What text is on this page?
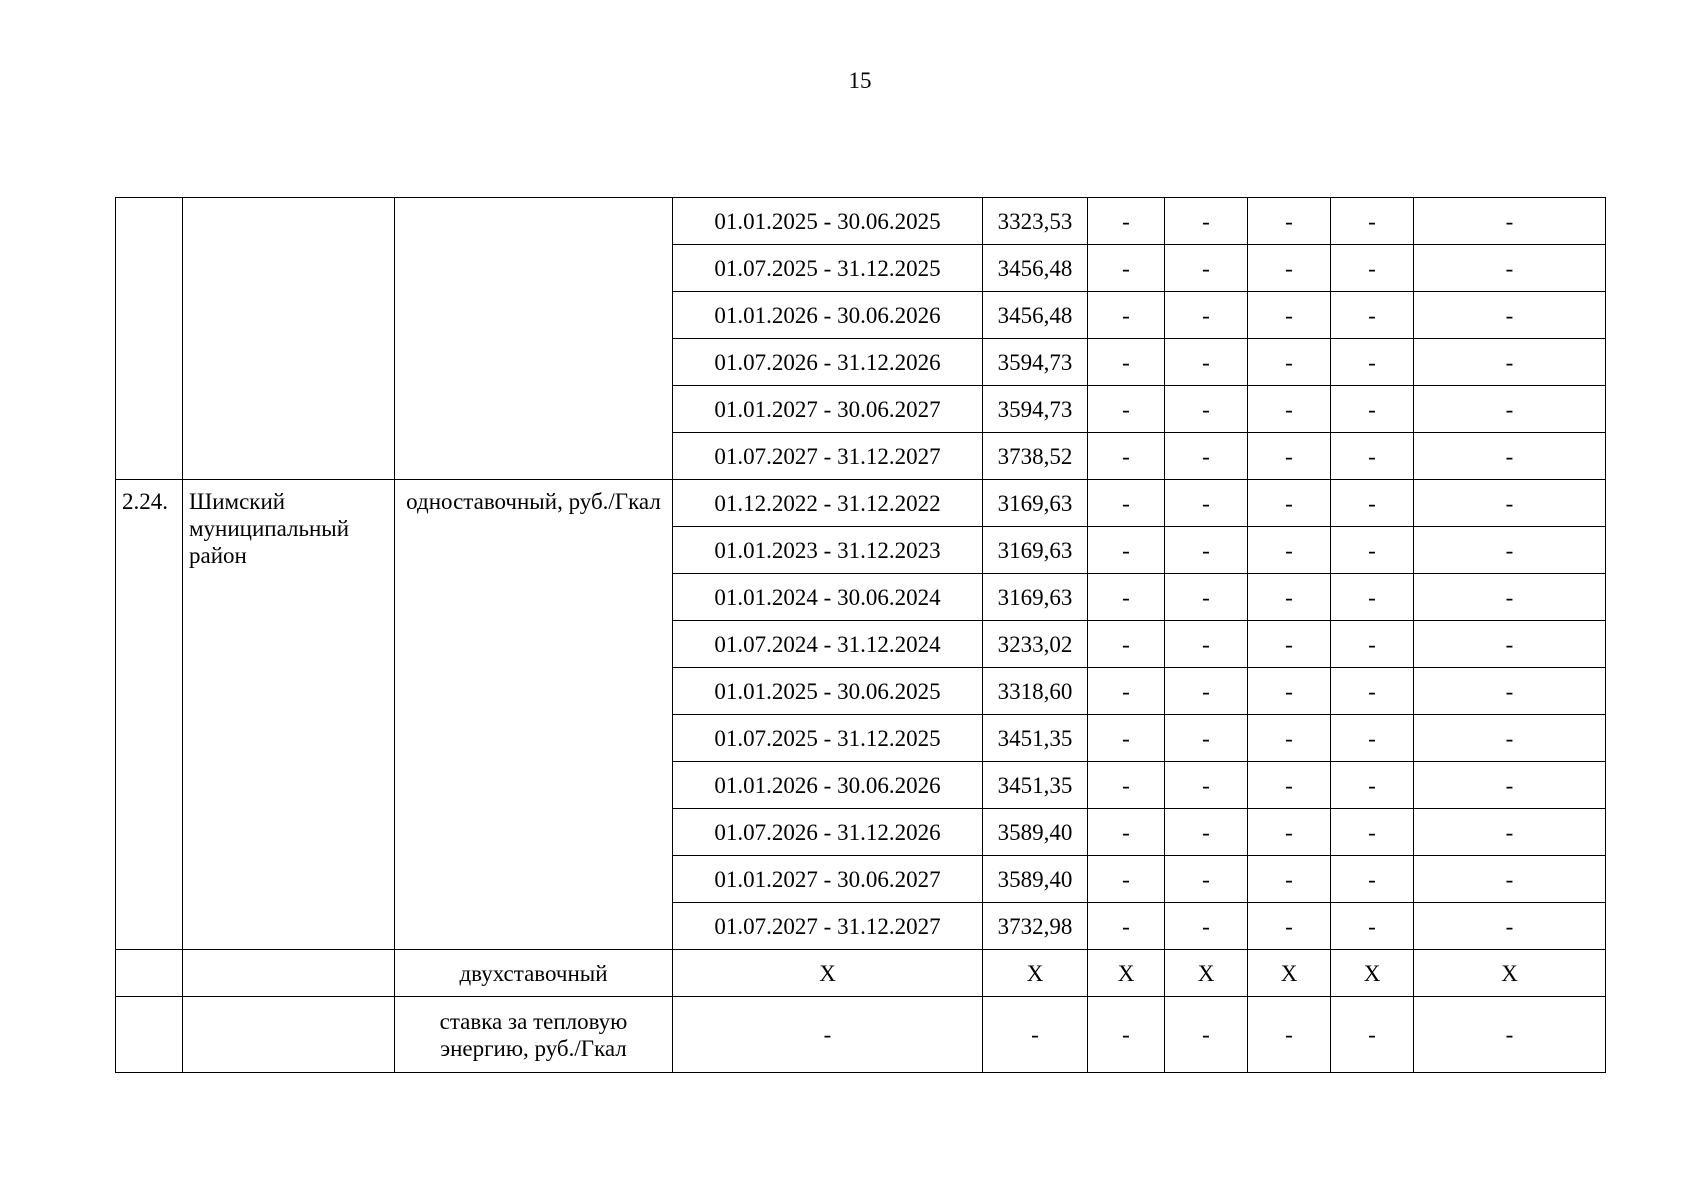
15
			01.01.2025 - 30.06.2025	3323,53	-	-	-	-	-
			01.07.2025 - 31.12.2025	3456,48	-	-	-	-	-
			01.01.2026 - 30.06.2026	3456,48	-	-	-	-	-
			01.07.2026 - 31.12.2026	3594,73	-	-	-	-	-
			01.01.2027 - 30.06.2027	3594,73	-	-	-	-	-
			01.07.2027 - 31.12.2027	3738,52	-	-	-	-	-
2.24.	Шимский муниципальный район	одноставочный, руб./Гкал	01.12.2022 - 31.12.2022	3169,63	-	-	-	-	-
			01.01.2023 - 31.12.2023	3169,63	-	-	-	-	-
			01.01.2024 - 30.06.2024	3169,63	-	-	-	-	-
			01.07.2024 - 31.12.2024	3233,02	-	-	-	-	-
			01.01.2025 - 30.06.2025	3318,60	-	-	-	-	-
			01.07.2025 - 31.12.2025	3451,35	-	-	-	-	-
			01.01.2026 - 30.06.2026	3451,35	-	-	-	-	-
			01.07.2026 - 31.12.2026	3589,40	-	-	-	-	-
			01.01.2027 - 30.06.2027	3589,40	-	-	-	-	-
			01.07.2027 - 31.12.2027	3732,98	-	-	-	-	-
		двухставочный	X	X	X	X	X	X	X
		ставка за тепловую энергию, руб./Гкал	-	-	-	-	-	-	-
